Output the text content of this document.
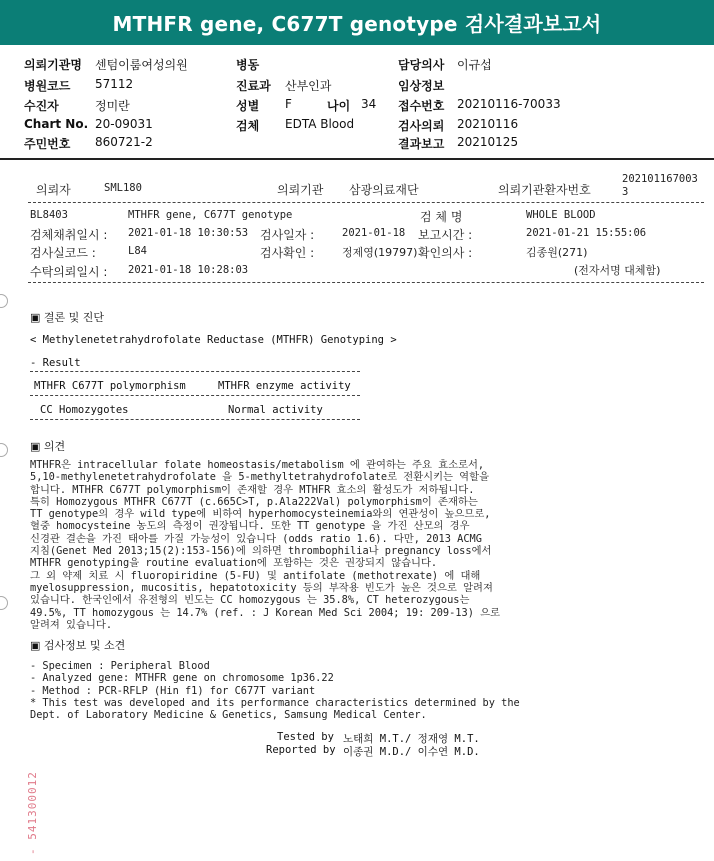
MTHFR gene, C677T genotype 검사결과보고서
의뢰기관명 센텀이룸여성의원	병동	담당의사 이규섭
병원코드 57112	진료과 산부인과	임상정보
수진자	정미란	성별 F	나이 34 접수번호 20210116-70033
Chart No. 20-09031	검체 EDTA Blood	검사의뢰 20210116
주민번호 860721-2	결과보고 20210125
의뢰자	SML180	의뢰기관 삼광의료재단	의뢰기관환자번호
202101167003
3
BL8403	MTHFR gene, C677T genotype	검 체 명	WHOLE BLOOD
검체채취일시 : 2021-01-18 10:30:53 검사일자 :	2021-01-18 보고시간 :	2021-01-21 15:55:06
검사실코드 :	L84	검사확인 :	정제영(19797) 확인의사 :	김종원(271)
수탁의뢰일시 : 2021-01-18 10:28:03	(전자서명 대체함)
▣ 결론 및 진단
< Methylenetetrahydrofolate Reductase (MTHFR) Genotyping >
- Result
MTHFR C677T polymorphism	MTHFR enzyme activity
CC Homozygotes	Normal activity
▣ 의견
MTHFR은 intracellular folate homeostasis/metabolism 에 관여하는 주요 효소로서,
5,10-methylenetetrahydrofolate 을 5-methyltetrahydrofolate로 전환시키는 역할을
합니다. MTHFR C677T polymorphism이 존재할 경우 MTHFR 효소의 활성도가 저하됩니다.
특히 Homozygous MTHFR C677T (c.665C>T, p.Ala222Val) polymorphism이 존재하는
TT genotype의 경우 wild type에 비하여 hyperhomocysteinemia와의 연관성이 높으므로,
혈중 homocysteine 농도의 측정이 권장됩니다. 또한 TT genotype 을 가진 산모의 경우
신경관 결손을 가진 태아를 가질 가능성이 있습니다 (odds ratio 1.6). 다만, 2013 ACMG
지침(Genet Med 2013;15(2):153-156)에 의하면 thrombophilia나 pregnancy loss에서
MTHFR genotyping을 routine evaluation에 포함하는 것은 권장되지 않습니다.
그 외 약제 치료 시 fluoropiridine (5-FU) 및 antifolate (methotrexate) 에 대해
myelosuppression, mucositis, hepatotoxicity 등의 부작용 빈도가 높은 것으로 알려져
있습니다. 한국인에서 유전형의 빈도는 CC homozygous 는 35.8%, CT heterozygous는
49.5%, TT homozygous 는 14.7% (ref. : J Korean Med Sci 2004; 19: 209-13) 으로
알려져 있습니다.
▣ 검사정보 및 소견
- Specimen : Peripheral Blood
- Analyzed gene: MTHFR gene on chromosome 1p36.22
- Method : PCR-RFLP (Hin f1) for C677T variant
* This test was developed and its performance characteristics determined by the
Dept. of Laboratory Medicine & Genetics, Samsung Medical Center.
Tested by 노태희 M.T./ 정재영 M.T.
Reported by 이종권 M.D./ 이수연 M.D.
- 541300012
